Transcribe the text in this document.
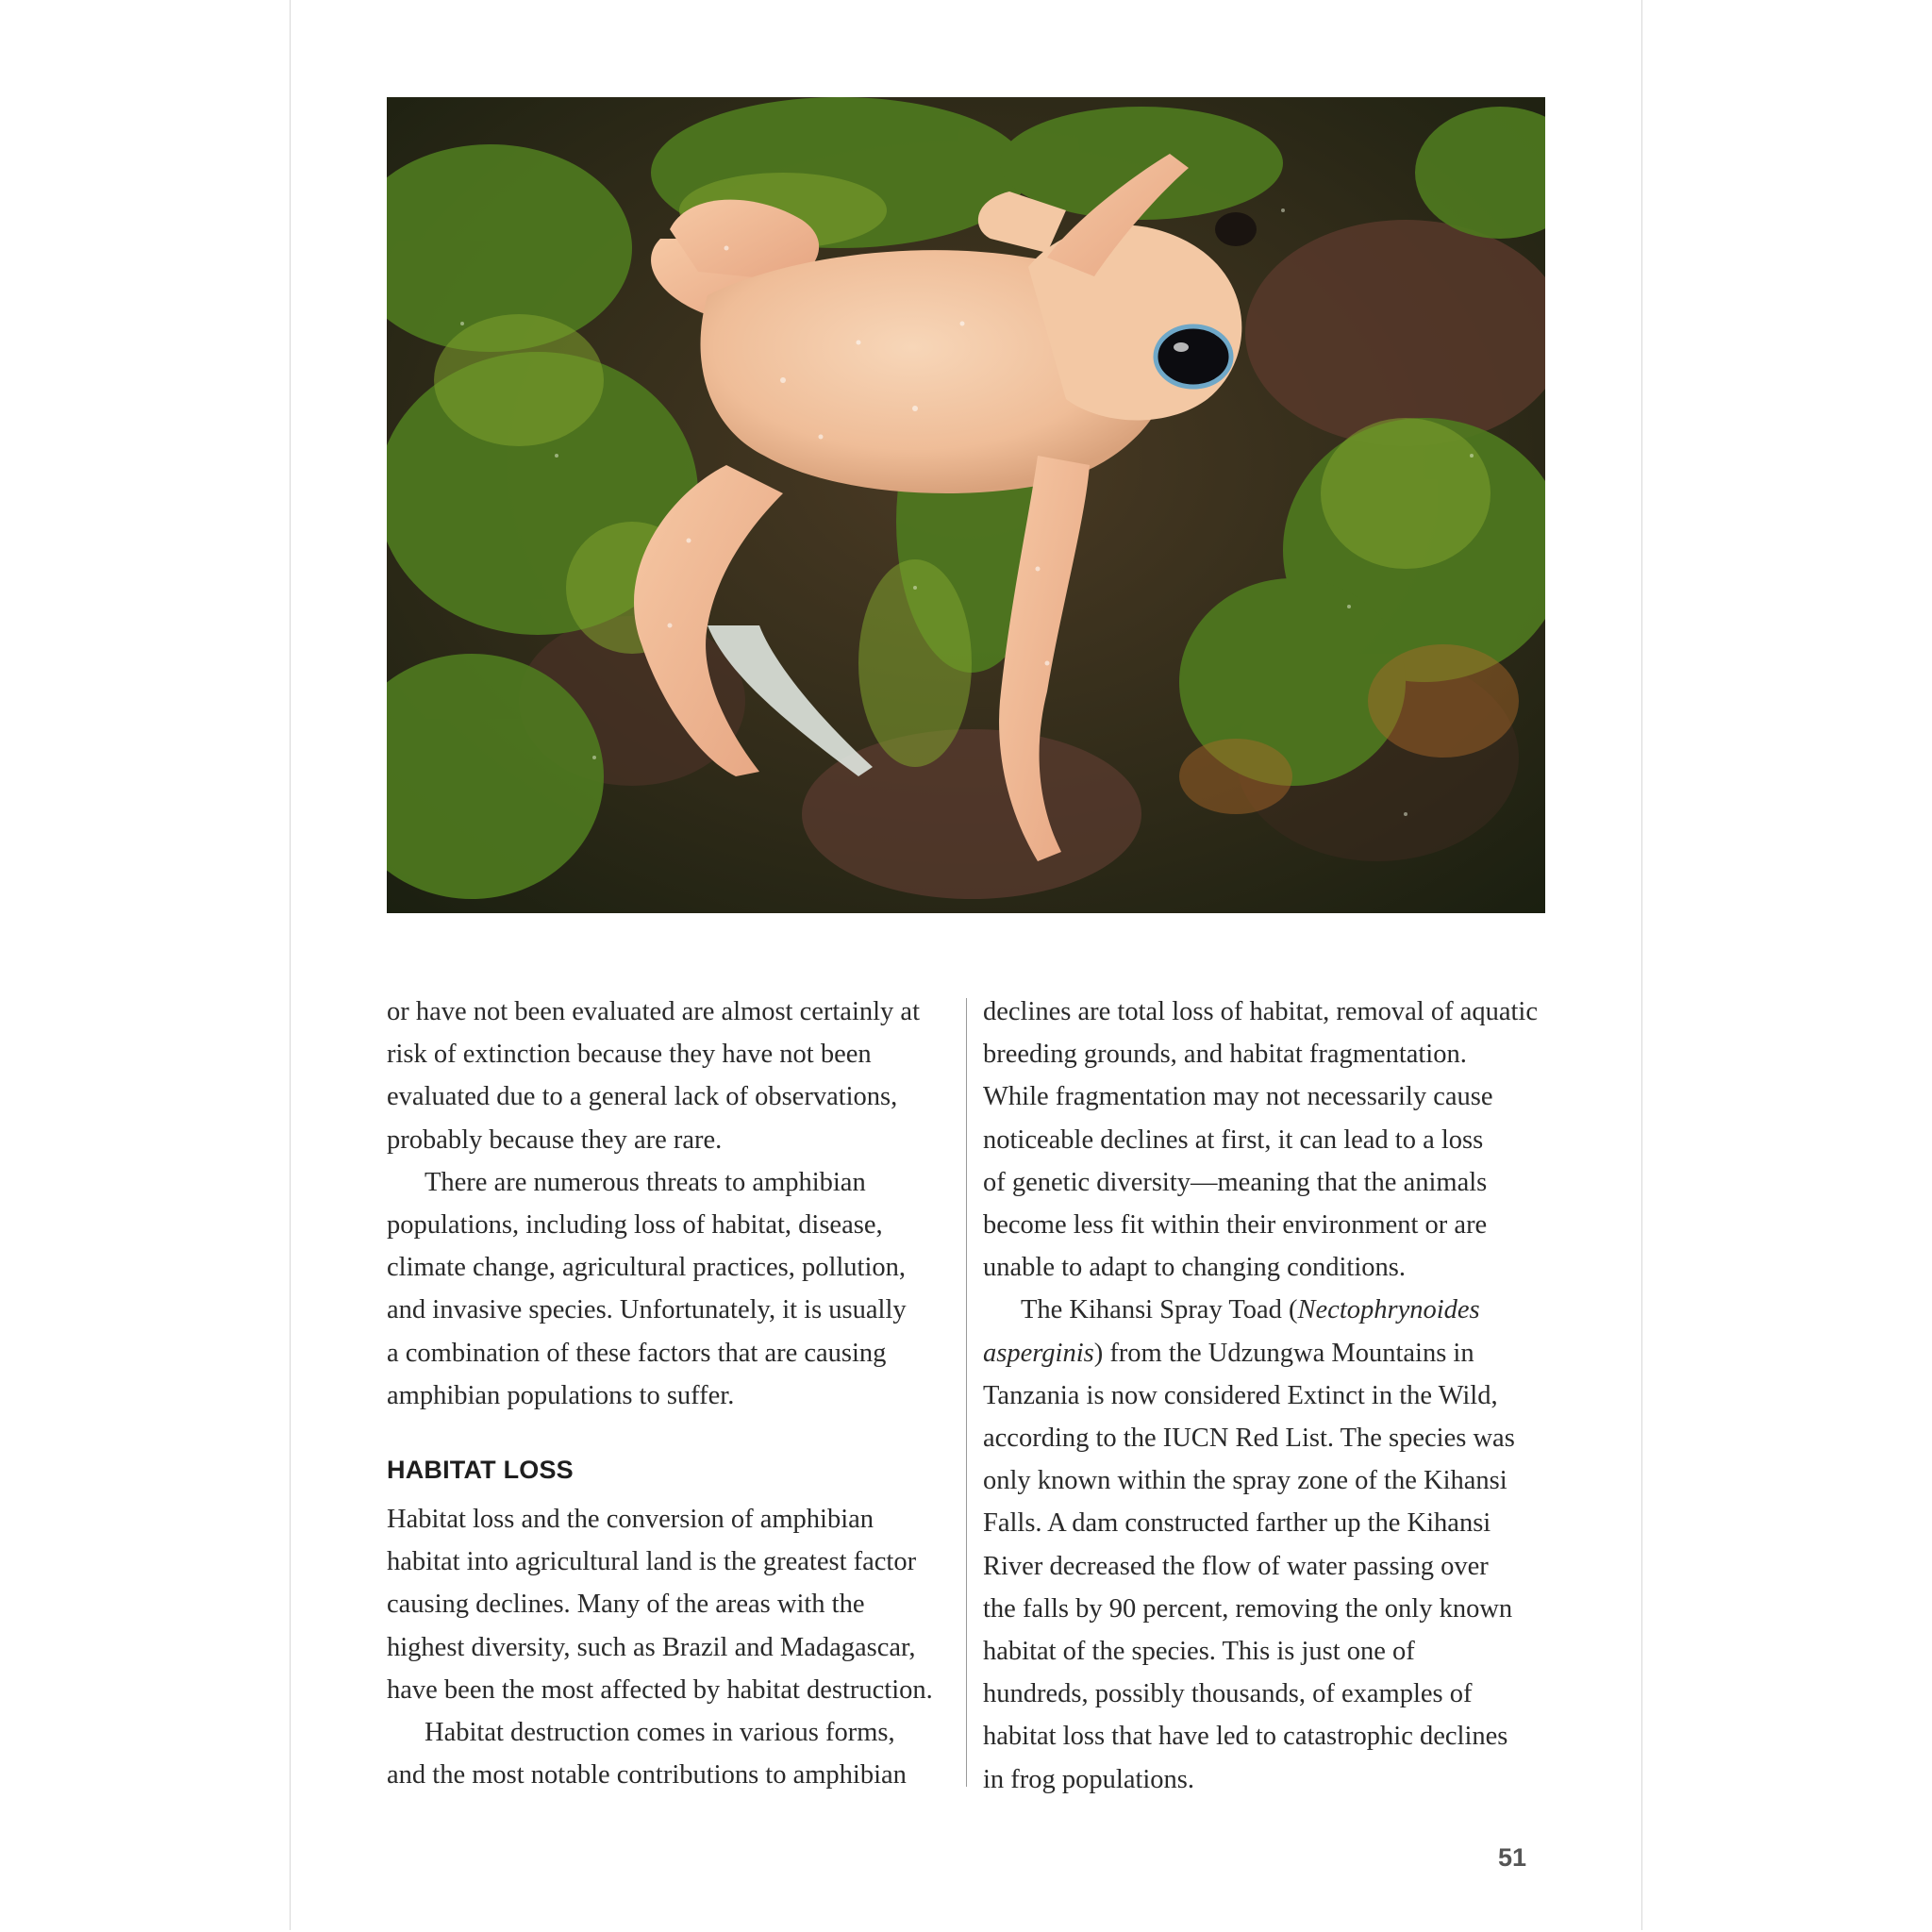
or have not been evaluated are almost certainly at
risk of extinction because they have not been
evaluated due to a general lack of observations,
probably because they are rare.

There are numerous threats to amphibian
populations, including loss of habitat, disease,
climate change, agricultural practices, pollution,
and invasive species. Unfortunately, it is usually
a combination of these factors that are causing
amphibian populations to suffer.

HABITAT LOSS

Habitat loss and the conversion of amphibian
habitat into agricultural land is the greatest factor
causing declines. Many of the areas with the
highest diversity, such as Brazil and Madagascar,
have been the most affected by habitat destruction.

Habitat destruction comes in various forms,
and the most notable contributions to amphibian

declines are total loss of habitat, removal of aquatic
breeding grounds, and habitat fragmentation.
While fragmentation may not necessarily cause
noticeable declines at first, it can lead to a loss
of genetic diversity—meaning that the animals
become less fit within their environment or are
unable to adapt to changing conditions.

The Kihansi Spray Toad (Nectophrynoides
asperginis) from the Udzungwa Mountains in
Tanzania is now considered Extinct in the Wild,
according to the IUCN Red List. The species was
only known within the spray zone of the Kihansi
Falls. A dam constructed farther up the Kihansi
River decreased the flow of water passing over
the falls by 90 percent, removing the only known
habitat of the species. This is just one of
hundreds, possibly thousands, of examples of
habitat loss that have led to catastrophic declines
in frog populations.

51
